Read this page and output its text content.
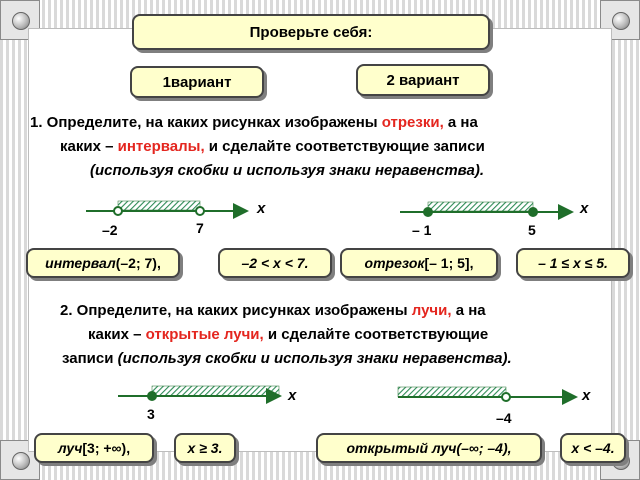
Проверьте себя:
1вариант	2 вариант
1. Определите, на каких рисунках изображены отрезки, а на
каких – интервалы, и сделайте соответствующие записи
(используя скобки и используя знаки неравенства).
x
–2	7
x
– 1	5
интервал (–2; 7),	–2 < x < 7.	отрезок [– 1; 5],	– 1 ≤ x ≤ 5.
2. Определите, на каких рисунках изображены лучи, а на
каких – открытые лучи, и сделайте соответствующие
записи (используя скобки и используя знаки неравенства).
x
3
x
–4
луч [3; +∞),	x ≥ 3.	открытый луч (–∞; –4),	x < –4.
